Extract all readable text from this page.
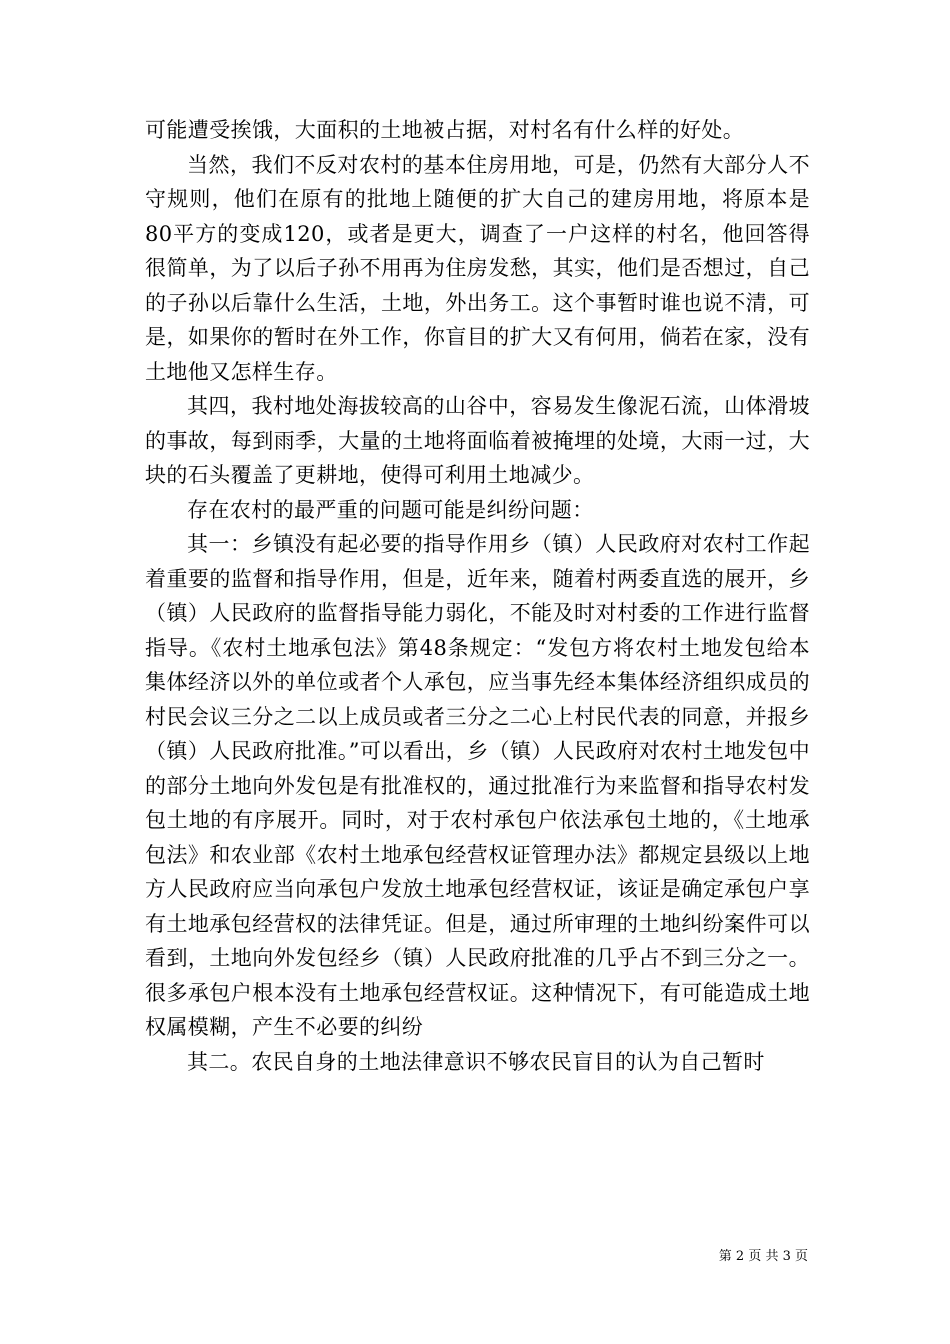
可能遭受挨饿，大面积的土地被占据，对村名有什么样的好处。

当然，我们不反对农村的基本住房用地，可是，仍然有大部分人不守规则，他们在原有的批地上随便的扩大自己的建房用地，将原本是80平方的变成120，或者是更大，调查了一户这样的村名，他回答得很简单，为了以后子孙不用再为住房发愁，其实，他们是否想过，自己的子孙以后靠什么生活，土地，外出务工。这个事暂时谁也说不清，可是，如果你的暂时在外工作，你盲目的扩大又有何用，倘若在家，没有土地他又怎样生存。

其四，我村地处海拔较高的山谷中，容易发生像泥石流，山体滑坡的事故，每到雨季，大量的土地将面临着被掩埋的处境，大雨一过，大块的石头覆盖了更耕地，使得可利用土地减少。

存在农村的最严重的问题可能是纠纷问题：

其一：乡镇没有起必要的指导作用乡（镇）人民政府对农村工作起着重要的监督和指导作用，但是，近年来，随着村两委直选的展开，乡（镇）人民政府的监督指导能力弱化，不能及时对村委的工作进行监督指导。《农村土地承包法》第48条规定：“发包方将农村土地发包给本集体经济以外的单位或者个人承包，应当事先经本集体经济组织成员的村民会议三分之二以上成员或者三分之二心上村民代表的同意，并报乡（镇）人民政府批准。”可以看出，乡（镇）人民政府对农村土地发包中的部分土地向外发包是有批准权的，通过批准行为来监督和指导农村发包土地的有序展开。同时，对于农村承包户依法承包土地的，《土地承包法》和农业部《农村土地承包经营权证管理办法》都规定县级以上地方人民政府应当向承包户发放土地承包经营权证，该证是确定承包户享有土地承包经营权的法律凭证。但是，通过所审理的土地纠纷案件可以看到，土地向外发包经乡（镇）人民政府批准的几乎占不到三分之一。很多承包户根本没有土地承包经营权证。这种情况下，有可能造成土地权属模糊，产生不必要的纠纷

其二。农民自身的土地法律意识不够农民盲目的认为自己暂时

第 2 页 共 3 页
